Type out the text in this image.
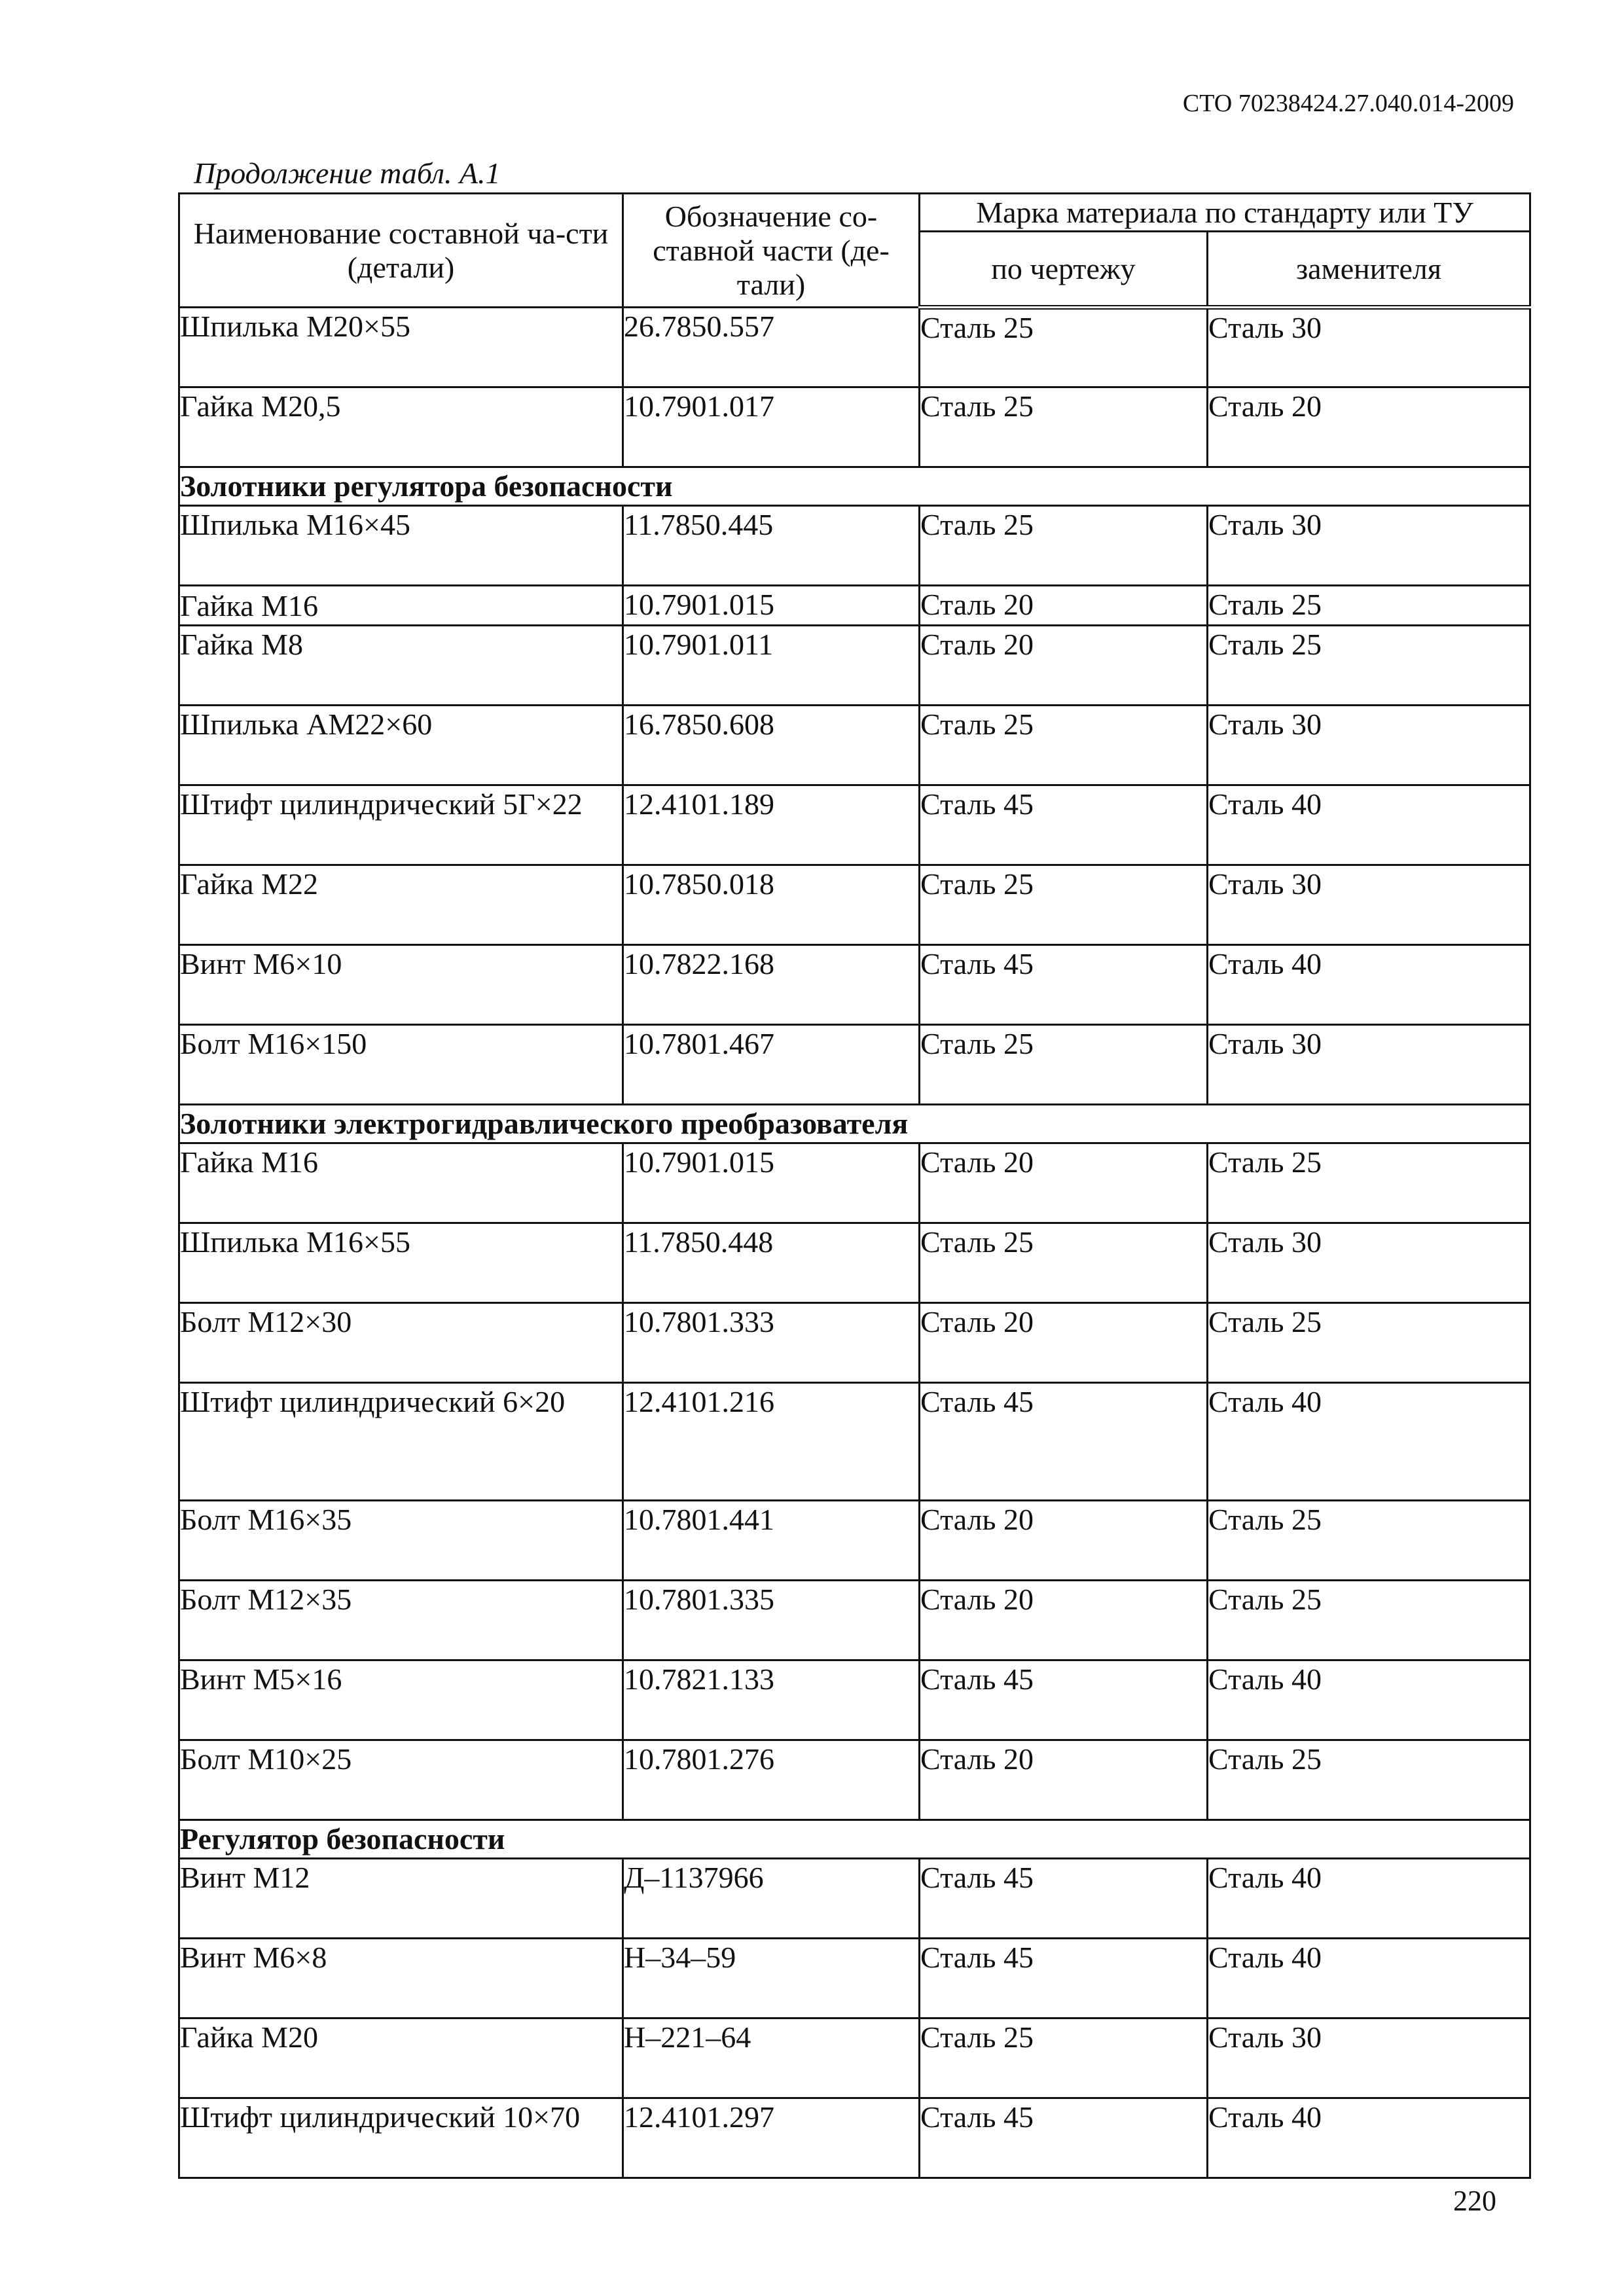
СТО 70238424.27.040.014-2009
Продолжение табл. А.1
Наименование составной ча-сти (детали)	Обозначение со-ставной части (де-тали)	Марка материала по стандарту или ТУ	
		по чертежу	заменителя
Шпилька М20×55	26.7850.557	Сталь 25	Сталь 30
Гайка М20,5	10.7901.017	Сталь 25	Сталь 20
Золотники регулятора безопасности			
Шпилька М16×45	11.7850.445	Сталь 25	Сталь 30
Гайка М16	10.7901.015	Сталь 20	Сталь 25
Гайка М8	10.7901.011	Сталь 20	Сталь 25
Шпилька АМ22×60	16.7850.608	Сталь 25	Сталь 30
Штифт цилиндрический 5Г×22	12.4101.189	Сталь 45	Сталь 40
Гайка М22	10.7850.018	Сталь 25	Сталь 30
Винт М6×10	10.7822.168	Сталь 45	Сталь 40
Болт М16×150	10.7801.467	Сталь 25	Сталь 30
Золотники электрогидравлического преобразователя			
Гайка М16	10.7901.015	Сталь 20	Сталь 25
Шпилька М16×55	11.7850.448	Сталь 25	Сталь 30
Болт М12×30	10.7801.333	Сталь 20	Сталь 25
Штифт цилиндрический 6×20	12.4101.216	Сталь 45	Сталь 40
Болт М16×35	10.7801.441	Сталь 20	Сталь 25
Болт М12×35	10.7801.335	Сталь 20	Сталь 25
Винт М5×16	10.7821.133	Сталь 45	Сталь 40
Болт М10×25	10.7801.276	Сталь 20	Сталь 25
Регулятор безопасности			
Винт М12	Д–1137966	Сталь 45	Сталь 40
Винт М6×8	Н–34–59	Сталь 45	Сталь 40
Гайка М20	Н–221–64	Сталь 25	Сталь 30
Штифт цилиндрический 10×70	12.4101.297	Сталь 45	Сталь 40
220
